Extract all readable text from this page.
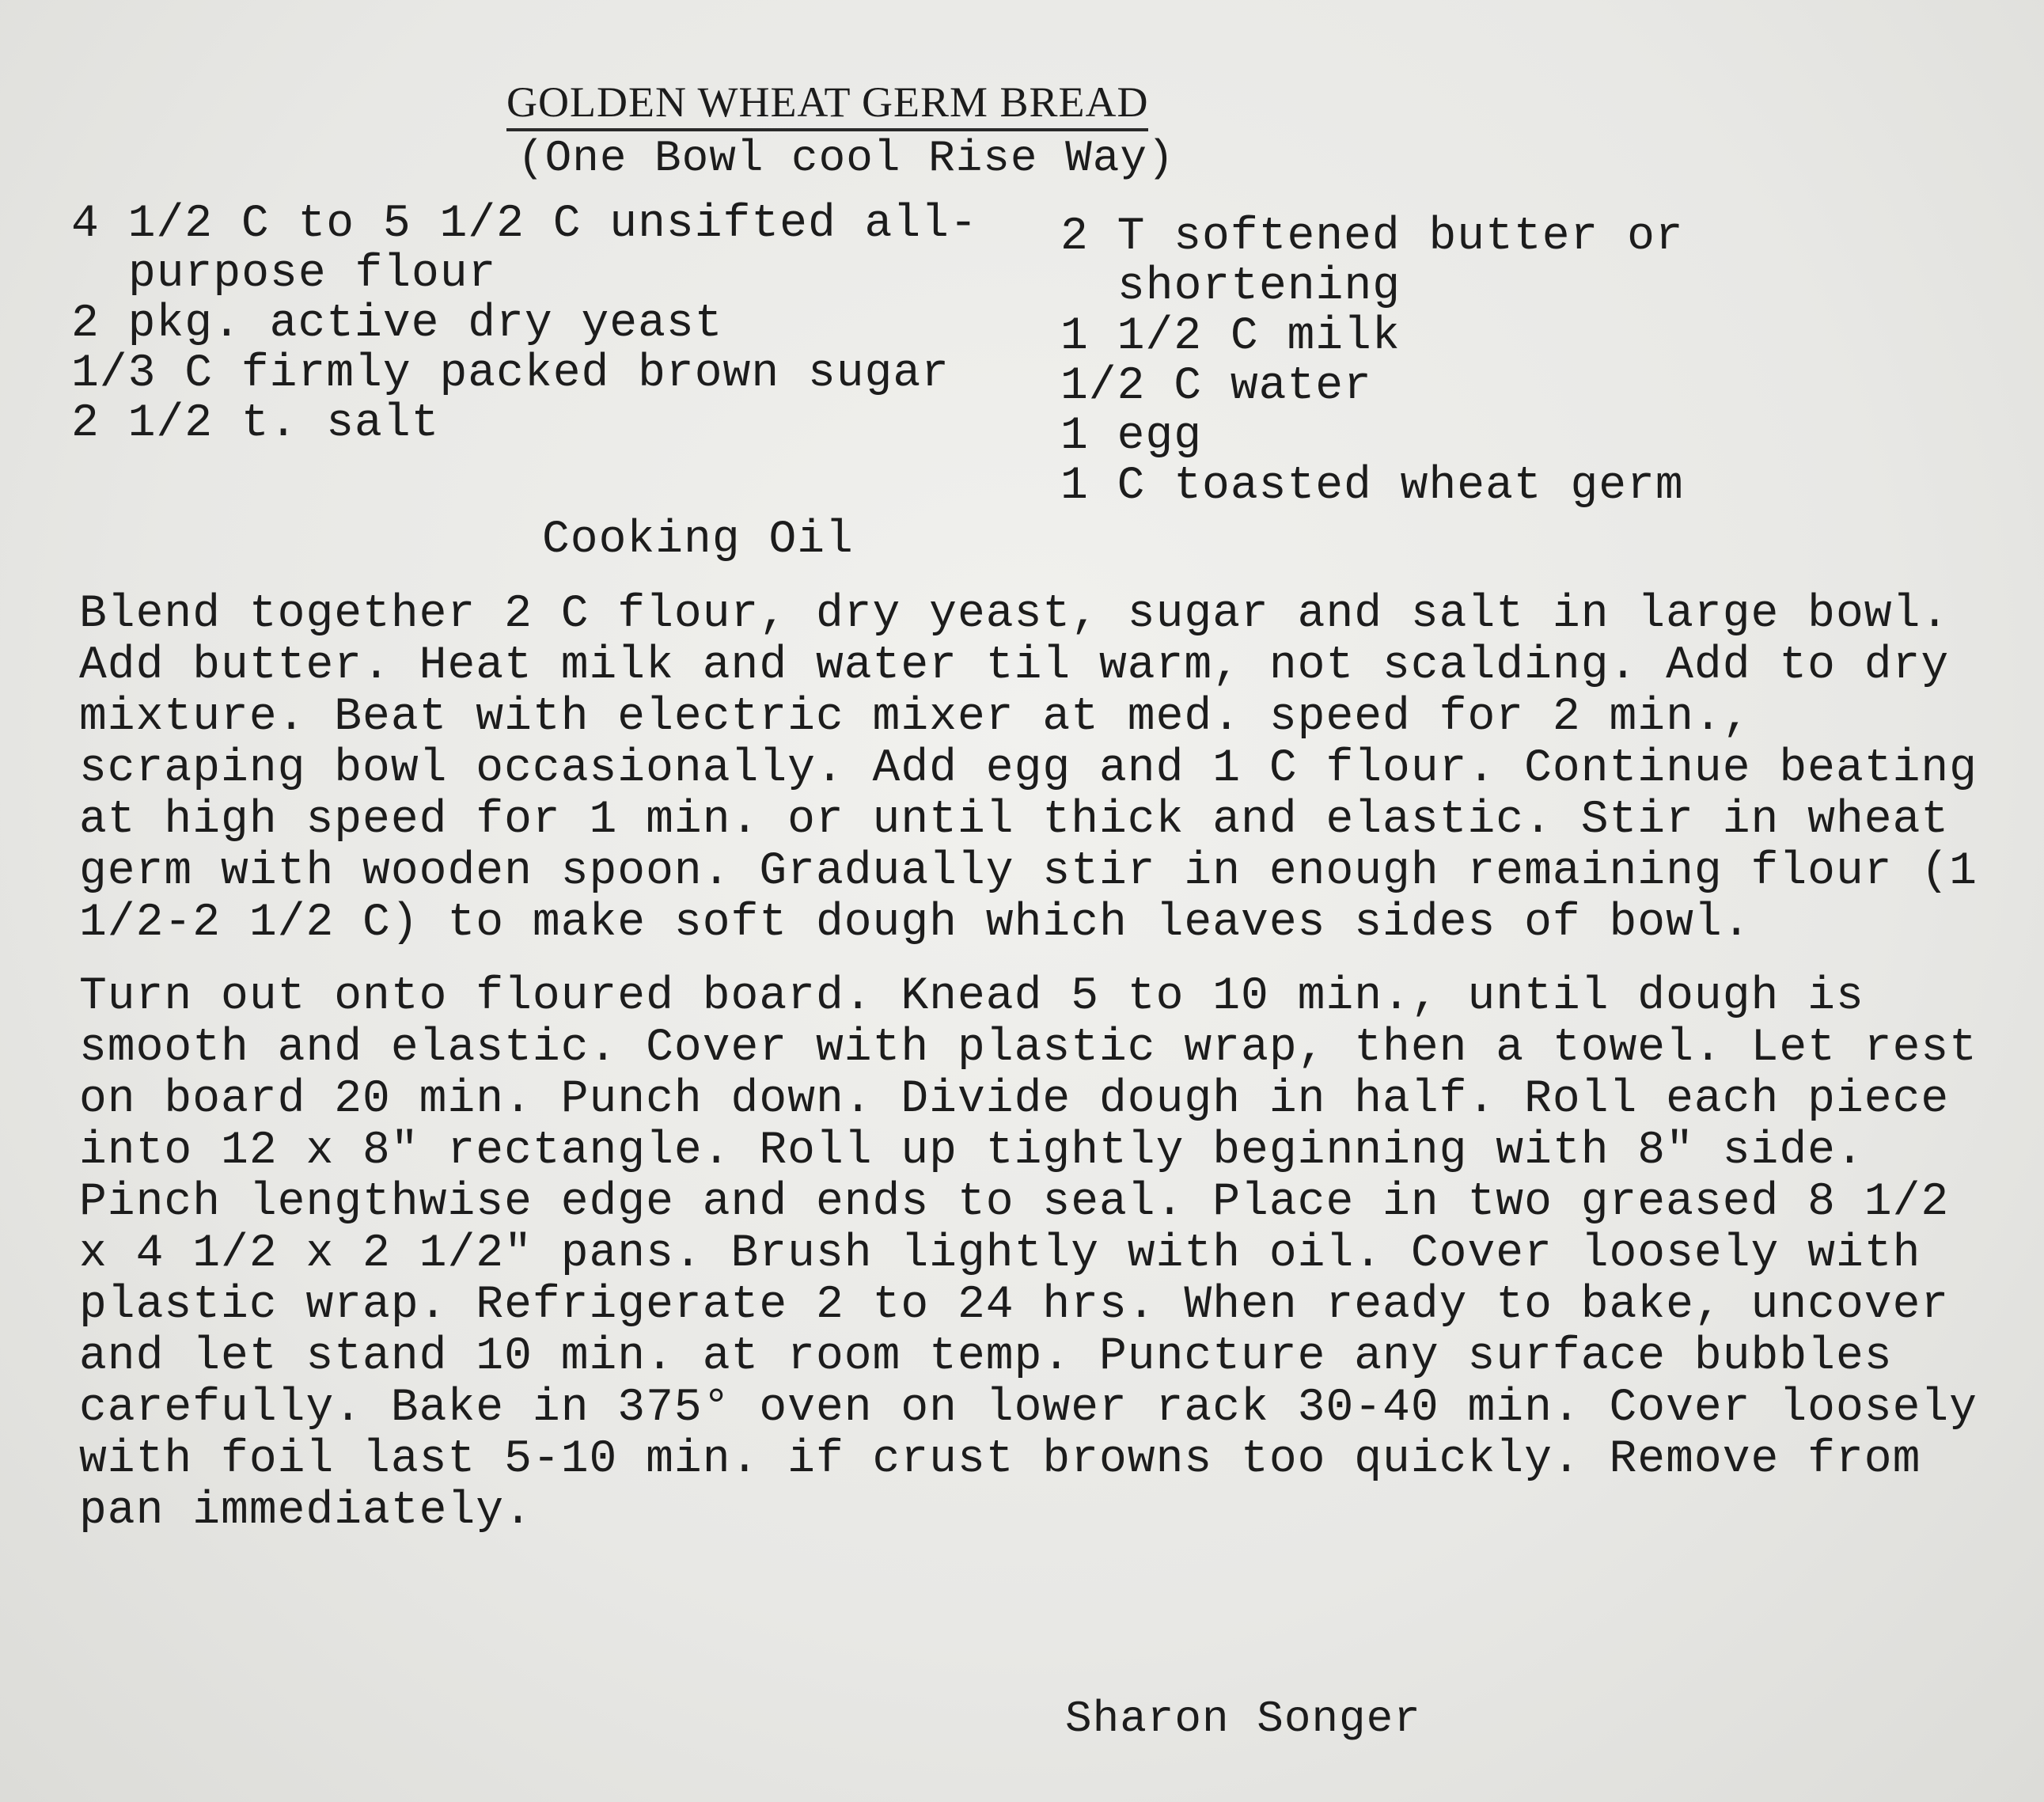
GOLDEN WHEAT GERM BREAD
(One Bowl cool Rise Way)
4 1/2 C to 5 1/2 C unsifted all-purpose flour
2 pkg. active dry yeast
1/3 C firmly packed brown sugar
2 1/2 t. salt
2 T softened butter or shortening
1 1/2 C milk
1/2 C water
1 egg
1 C toasted wheat germ
Cooking Oil

Blend together 2 C flour, dry yeast, sugar and salt in large bowl. Add butter. Heat milk and water til warm, not scalding. Add to dry mixture. Beat with electric mixer at med. speed for 2 min., scraping bowl occasionally. Add egg and 1 C flour. Continue beating at high speed for 1 min. or until thick and elastic. Stir in wheat germ with wooden spoon. Gradually stir in enough remaining flour (1 1/2-2 1/2 C) to make soft dough which leaves sides of bowl.

Turn out onto floured board. Knead 5 to 10 min., until dough is smooth and elastic. Cover with plastic wrap, then a towel. Let rest on board 20 min. Punch down. Divide dough in half. Roll each piece into 12 x 8" rectangle. Roll up tightly beginning with 8" side. Pinch lengthwise edge and ends to seal. Place in two greased 8 1/2 x 4 1/2 x 2 1/2" pans. Brush lightly with oil. Cover loosely with plastic wrap. Refrigerate 2 to 24 hrs. When ready to bake, uncover and let stand 10 min. at room temp. Puncture any surface bubbles carefully. Bake in 375° oven on lower rack 30-40 min. Cover loosely with foil last 5-10 min. if crust browns too quickly. Remove from pan immediately.

Sharon Songer
